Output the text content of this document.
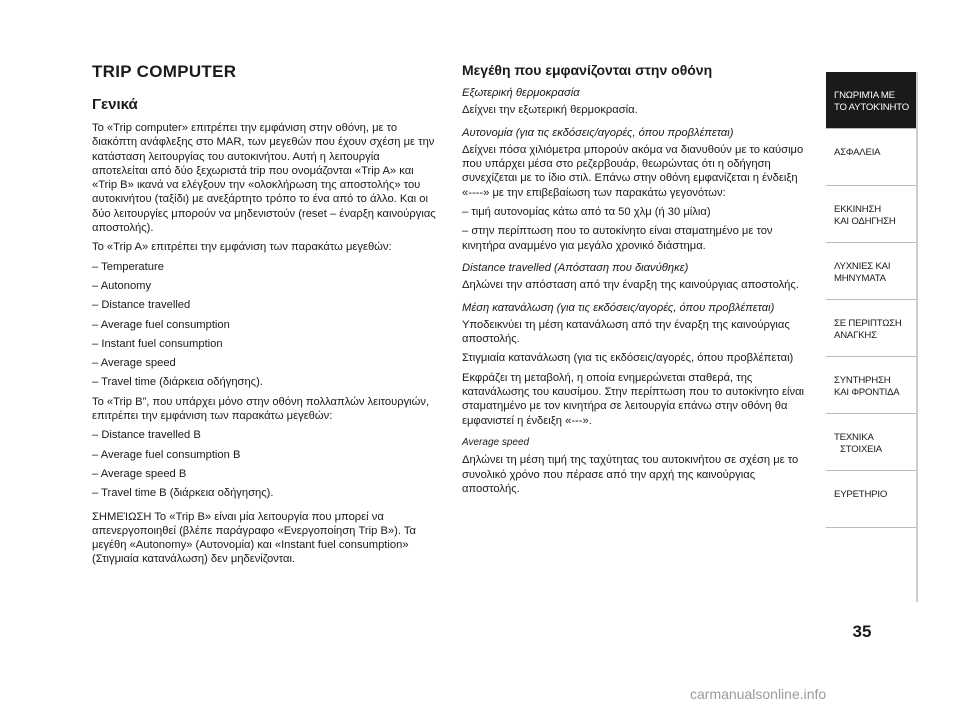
TRIP COMPUTER
Γενικά

Το «Trip computer» επιτρέπει την εμφάνιση στην οθόνη, με το διακόπτη ανάφλεξης στο MAR, των μεγεθών που έχουν σχέση με την κατάσταση λειτουργίας του αυτοκινήτου. Αυτή η λειτουργία αποτελείται από δύο ξεχωριστά trip που ονομάζονται «Trip A» και «Trip B» ικανά να ελέγξουν την «ολοκλήρωση της αποστολής» του αυτοκινήτου (ταξίδι) με ανεξάρτητο τρόπο το ένα από το άλλο. Και οι δύο λειτουργίες μπορούν να μηδενιστούν (reset – έναρξη καινούργιας αποστολής).

Το «Trip A» επιτρέπει την εμφάνιση των παρακάτω μεγεθών:

– Temperature

– Autonomy

– Distance travelled

– Average fuel consumption

– Instant fuel consumption

– Average speed

– Travel time (διάρκεια οδήγησης).

Το «Trip B”, που υπάρχει μόνο στην οθόνη πολλαπλών λειτουργιών, επιτρέπει την εμφάνιση των παρακάτω μεγεθών:

– Distance travelled B

– Average fuel consumption B

– Average speed B

– Travel time B (διάρκεια οδήγησης).

ΣΗΜΕΊΩΣΗ Το «Trip B» είναι μία λειτουργία που μπορεί να απενεργοποιηθεί (βλέπε παράγραφο «Ενεργοποίηση Trip B»). Τα μεγέθη «Autonomy» (Αυτονομία) και «Instant fuel consumption» (Στιγμιαία κατανάλωση) δεν μηδενίζονται.

Μεγέθη που εμφανίζονται στην οθόνη

Εξωτερική θερμοκρασία

Δείχνει την εξωτερική θερμοκρασία.

Αυτονομία (για τις εκδόσεις/αγορές, όπου προβλέπεται)

Δείχνει πόσα χιλιόμετρα μπορούν ακόμα να διανυθούν με το καύσιμο που υπάρχει μέσα στο ρεζερβουάρ, θεωρώντας ότι η οδήγηση συνεχίζεται με το ίδιο στιλ. Επάνω στην οθόνη εμφανίζεται η ένδειξη «----» με την επιβεβαίωση των παρακάτω γεγονότων:

– τιμή αυτονομίας κάτω από τα 50 χλμ (ή 30 μίλια)

– στην περίπτωση που το αυτοκίνητο είναι σταματημένο με τον κινητήρα αναμμένο για μεγάλο χρονικό διάστημα.

Distance travelled (Απόσταση που διανύθηκε)

Δηλώνει την απόσταση από την έναρξη της καινούργιας αποστολής.

Μέση κατανάλωση (για τις εκδόσεις/αγορές, όπου προβλέπεται)

Υποδεικνύει τη μέση κατανάλωση από την έναρξη της καινούργιας αποστολής.

Στιγμιαία κατανάλωση (για τις εκδόσεις/αγορές, όπου προβλέπεται)

Εκφράζει τη μεταβολή, η οποία ενημερώνεται σταθερά, της κατανάλωσης του καυσίμου. Στην περίπτωση που το αυτοκίνητο είναι σταματημένο με τον κινητήρα σε λειτουργία επάνω στην οθόνη θα εμφανιστεί η ένδειξη «---».

Average speed

Δηλώνει τη μέση τιμή της ταχύτητας του αυτοκινήτου σε σχέση με το συνολικό χρόνο που πέρασε από την αρχή της καινούργιας αποστολής.

ΓΝΩΡΙΜΊΑ ΜΕ
ΤΟ ΑΥΤΟΚΊΝΗΤΟ
ΑΣΦΑΛΕΙΑ
ΕΚΚΙΝΗΣΗ
ΚΑΙ ΟΔΗΓΗΣΗ
ΛΥΧΝΙΕΣ ΚΑΙ
ΜΗΝΥΜΑΤΑ
ΣΕ ΠΕΡΙΠΤΩΣΗ
ΑΝΑΓΚΗΣ
ΣΥΝΤΗΡΗΣΗ
ΚΑΙ ΦΡΟΝΤΙΔΑ
ΤΕΧΝΙΚΑ
ΣΤΟΙΧΕΙΑ
ΕΥΡΕΤΗΡΙΟ
35
carmanualsonline.info
